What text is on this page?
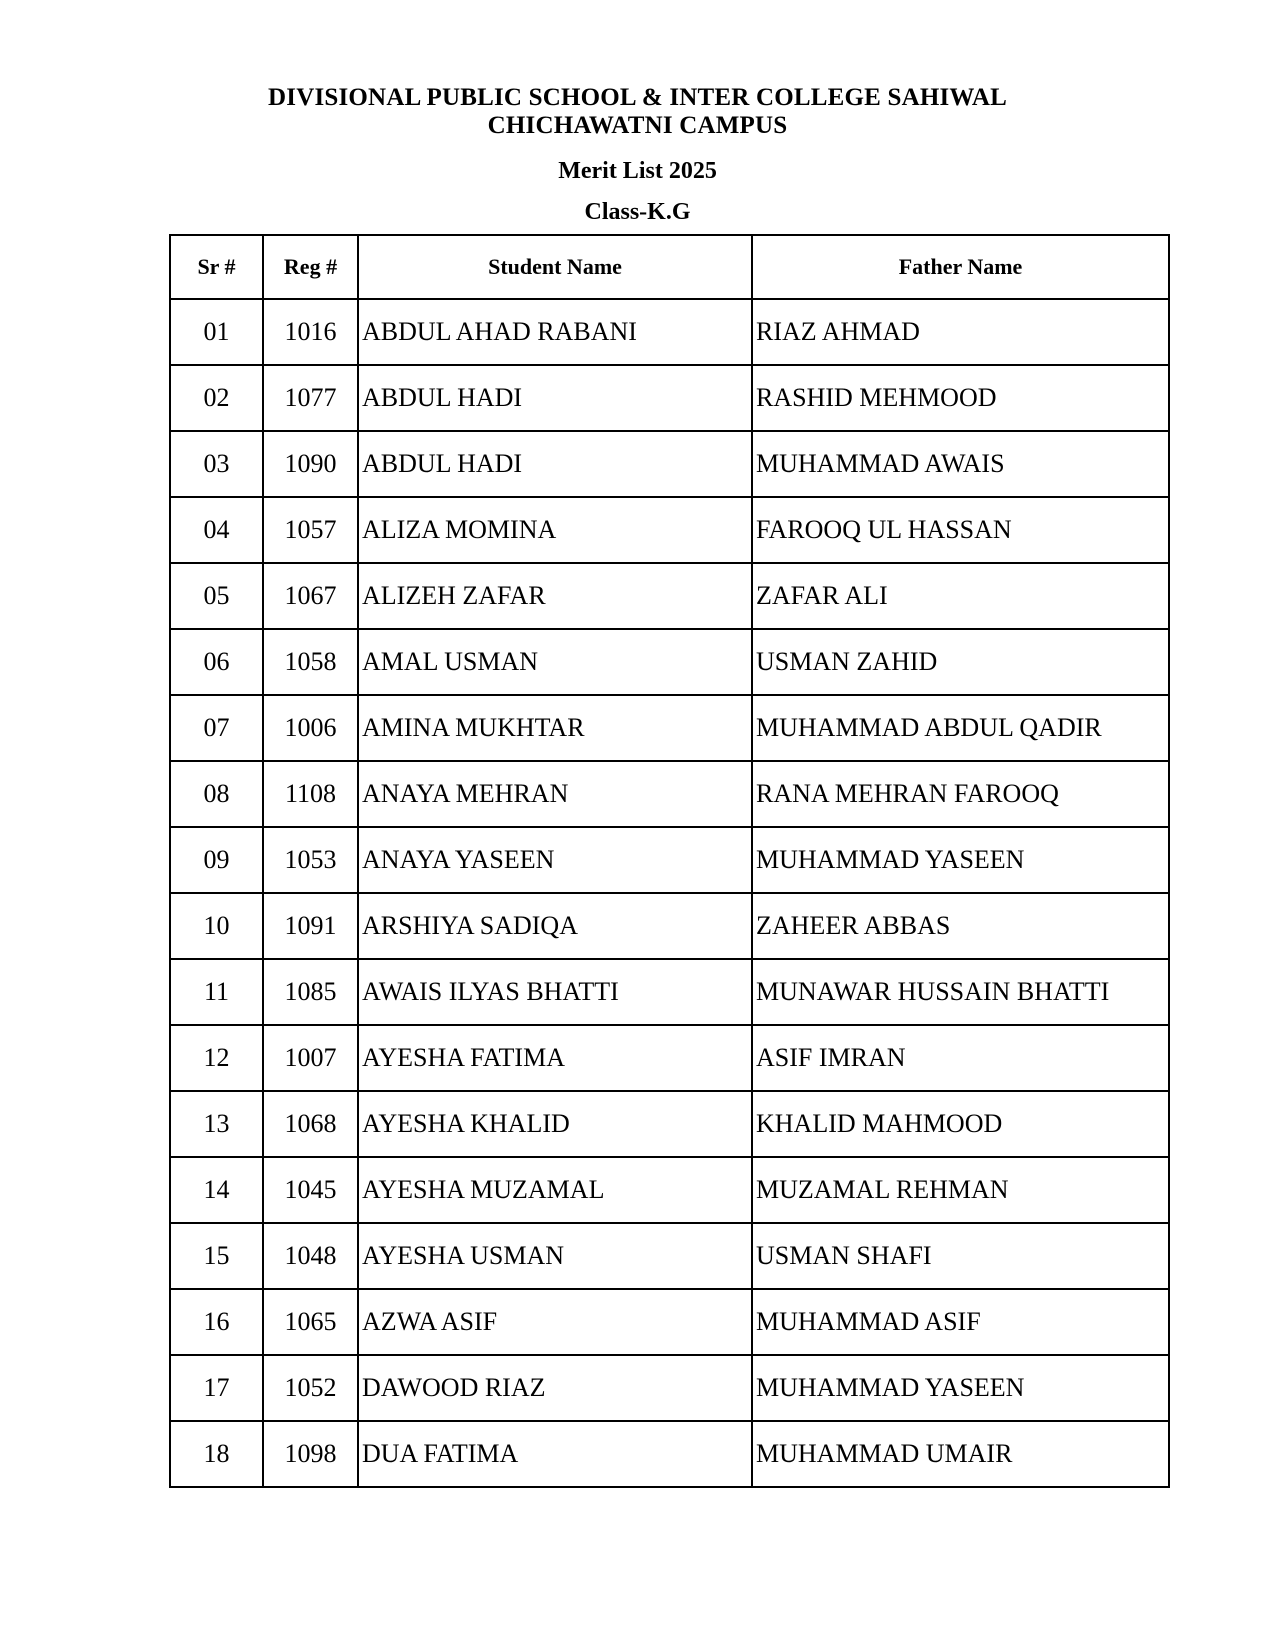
DIVISIONAL PUBLIC SCHOOL & INTER COLLEGE SAHIWAL
CHICHAWATNI CAMPUS
Merit List 2025
Class-K.G
Sr #	Reg #	Student Name	Father Name
01	1016	ABDUL AHAD RABANI	RIAZ AHMAD
02	1077	ABDUL HADI	RASHID MEHMOOD
03	1090	ABDUL HADI	MUHAMMAD AWAIS
04	1057	ALIZA MOMINA	FAROOQ UL HASSAN
05	1067	ALIZEH ZAFAR	ZAFAR ALI
06	1058	AMAL USMAN	USMAN ZAHID
07	1006	AMINA MUKHTAR	MUHAMMAD ABDUL QADIR
08	1108	ANAYA MEHRAN	RANA MEHRAN FAROOQ
09	1053	ANAYA YASEEN	MUHAMMAD YASEEN
10	1091	ARSHIYA SADIQA	ZAHEER ABBAS
11	1085	AWAIS ILYAS BHATTI	MUNAWAR HUSSAIN BHATTI
12	1007	AYESHA FATIMA	ASIF IMRAN
13	1068	AYESHA KHALID	KHALID MAHMOOD
14	1045	AYESHA MUZAMAL	MUZAMAL REHMAN
15	1048	AYESHA USMAN	USMAN SHAFI
16	1065	AZWA ASIF	MUHAMMAD ASIF
17	1052	DAWOOD RIAZ	MUHAMMAD YASEEN
18	1098	DUA FATIMA	MUHAMMAD UMAIR
